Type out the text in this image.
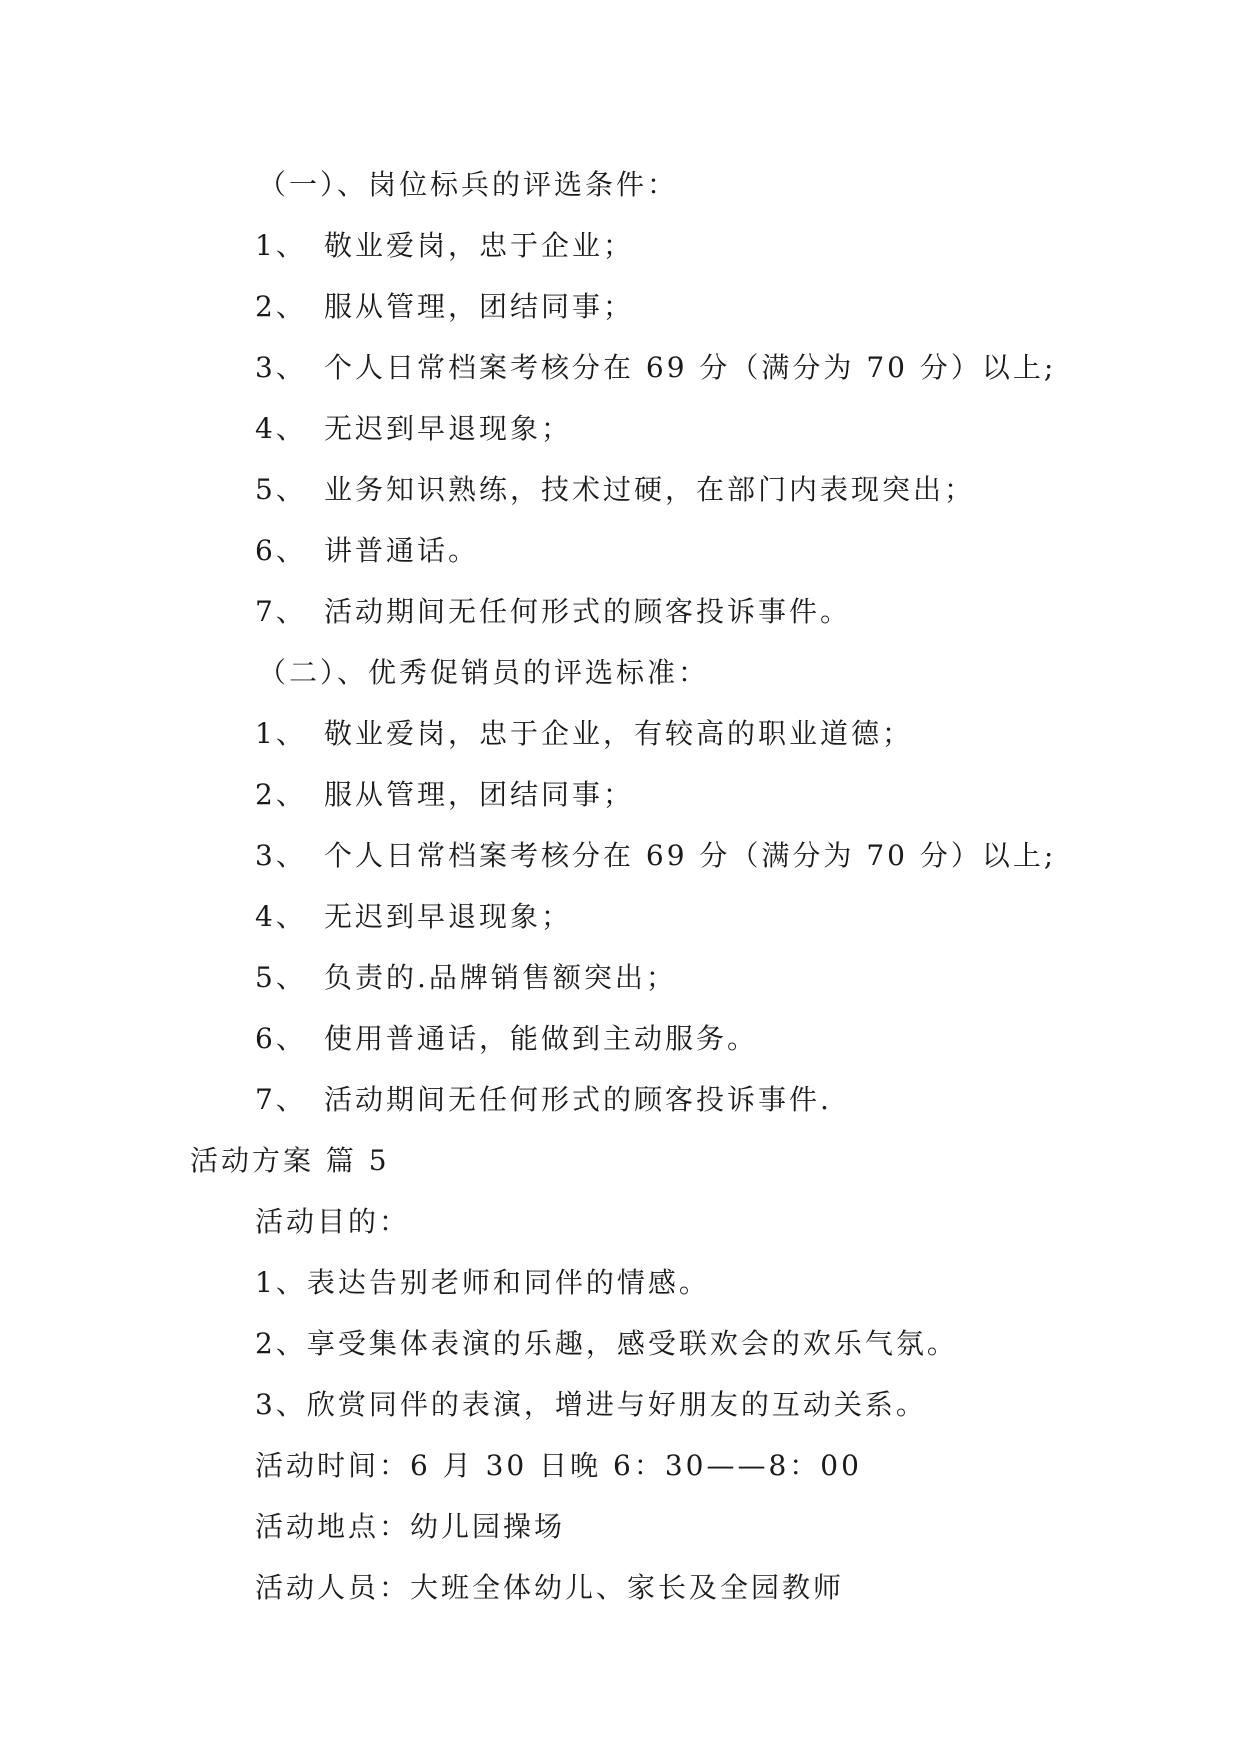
（一）、岗位标兵的评选条件：
1、 敬业爱岗，忠于企业；
2、 服从管理，团结同事；
3、 个人日常档案考核分在 69 分（满分为 70 分）以上;
4、 无迟到早退现象；
5、 业务知识熟练，技术过硬，在部门内表现突出；
6、 讲普通话。
7、 活动期间无任何形式的顾客投诉事件。
（二）、优秀促销员的评选标准：
1、 敬业爱岗，忠于企业，有较高的职业道德；
2、 服从管理，团结同事；
3、 个人日常档案考核分在 69 分（满分为 70 分）以上;
4、 无迟到早退现象；
5、 负责的.品牌销售额突出；
6、 使用普通话，能做到主动服务。
7、 活动期间无任何形式的顾客投诉事件.
活动方案 篇 5
活动目的：
1、表达告别老师和同伴的情感。
2、享受集体表演的乐趣，感受联欢会的欢乐气氛。
3、欣赏同伴的表演，增进与好朋友的互动关系。
活动时间：6 月 30 日晚 6：30——8：00
活动地点：幼儿园操场
活动人员：大班全体幼儿、家长及全园教师
